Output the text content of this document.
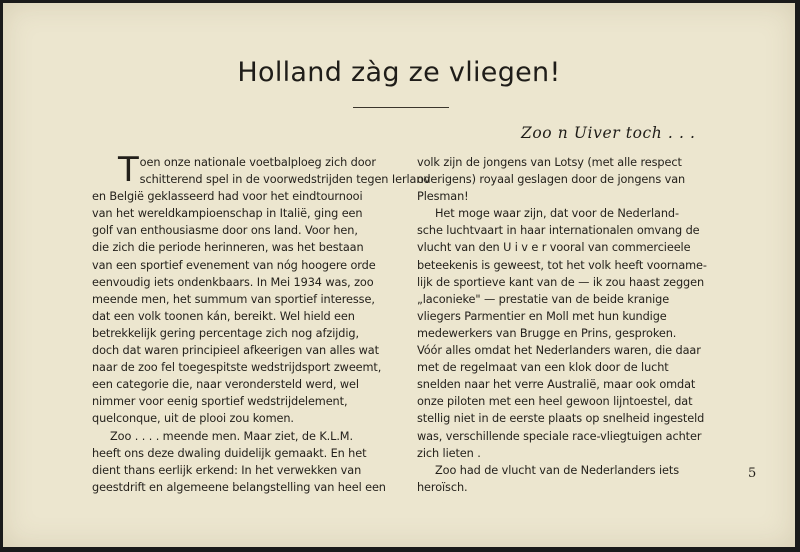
Holland zàg ze vliegen!
Zoo n Uiver toch . . .
T oen onze nationale voetbalploeg zich door
schitterend spel in de voorwedstrijden tegen Ierland
en België geklasseerd had voor het eindtournooi
van het wereldkampioenschap in Italië, ging een
golf van enthousiasme door ons land. Voor hen,
die zich die periode herinneren, was het bestaan
van een sportief evenement van nóg hoogere orde
eenvoudig iets ondenkbaars. In Mei 1934 was, zoo
meende men, het summum van sportief interesse,
dat een volk toonen kán, bereikt. Wel hield een
betrekkelijk gering percentage zich nog afzijdig,
doch dat waren principieel afkeerigen van alles wat
naar de zoo fel toegespitste wedstrijdsport zweemt,
een categorie die, naar verondersteld werd, wel
nimmer voor eenig sportief wedstrijdelement,
quelconque, uit de plooi zou komen.
Zoo . . . . meende men. Maar ziet, de K.L.M.
heeft ons deze dwaling duidelijk gemaakt. En het
dient thans eerlijk erkend: In het verwekken van
geestdrift en algemeene belangstelling van heel een
volk zijn de jongens van Lotsy (met alle respect
overigens) royaal geslagen door de jongens van
Plesman!
Het moge waar zijn, dat voor de Nederland-
sche luchtvaart in haar internationalen omvang de
vlucht van den U i v e r vooral van commercieele
beteekenis is geweest, tot het volk heeft voorname-
lijk de sportieve kant van de — ik zou haast zeggen
„laconieke" — prestatie van de beide kranige
vliegers Parmentier en Moll met hun kundige
medewerkers van Brugge en Prins, gesproken.
Vóór alles omdat het Nederlanders waren, die daar
met de regelmaat van een klok door de lucht
snelden naar het verre Australië, maar ook omdat
onze piloten met een heel gewoon lijntoestel, dat
stellig niet in de eerste plaats op snelheid ingesteld
was, verschillende speciale race-vliegtuigen achter
zich lieten .
Zoo had de vlucht van de Nederlanders iets
heroïsch.
5
